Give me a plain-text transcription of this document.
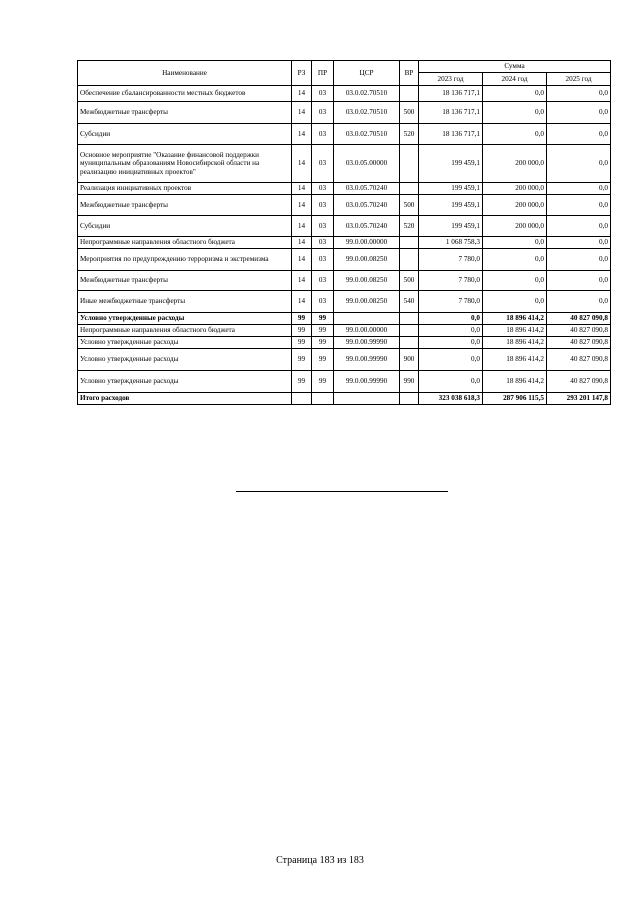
Наименование	РЗ	ПР	ЦСР	ВР	Сумма		
					2023 год	2024 год	2025 год
Обеспечение сбалансированности местных бюджетов	14	03	03.0.02.70510		18 136 717,1	0,0	0,0
Межбюджетные трансферты	14	03	03.0.02.70510	500	18 136 717,1	0,0	0,0
Субсидии	14	03	03.0.02.70510	520	18 136 717,1	0,0	0,0
Основное мероприятие "Оказание финансовой поддержки муниципальным образованиям Новосибирской области на реализацию инициативных проектов"	14	03	03.0.05.00000		199 459,1	200 000,0	0,0
Реализация инициативных проектов	14	03	03.0.05.70240		199 459,1	200 000,0	0,0
Межбюджетные трансферты	14	03	03.0.05.70240	500	199 459,1	200 000,0	0,0
Субсидии	14	03	03.0.05.70240	520	199 459,1	200 000,0	0,0
Непрограммные направления областного бюджета	14	03	99.0.00.00000		1 068 758,3	0,0	0,0
Мероприятия по предупреждению терроризма и экстремизма	14	03	99.0.00.08250		7 780,0	0,0	0,0
Межбюджетные трансферты	14	03	99.0.00.08250	500	7 780,0	0,0	0,0
Иные межбюджетные трансферты	14	03	99.0.00.08250	540	7 780,0	0,0	0,0
Условно утвержденные расходы	99	99			0,0	18 896 414,2	40 827 090,8
Непрограммные направления областного бюджета	99	99	99.0.00.00000		0,0	18 896 414,2	40 827 090,8
Условно утвержденные расходы	99	99	99.0.00.99990		0,0	18 896 414,2	40 827 090,8
Условно утвержденные расходы	99	99	99.0.00.99990	900	0,0	18 896 414,2	40 827 090,8
Условно утвержденные расходы	99	99	99.0.00.99990	990	0,0	18 896 414,2	40 827 090,8
Итого расходов					323 038 618,3	287 906 115,5	293 201 147,8
Страница 183 из 183
